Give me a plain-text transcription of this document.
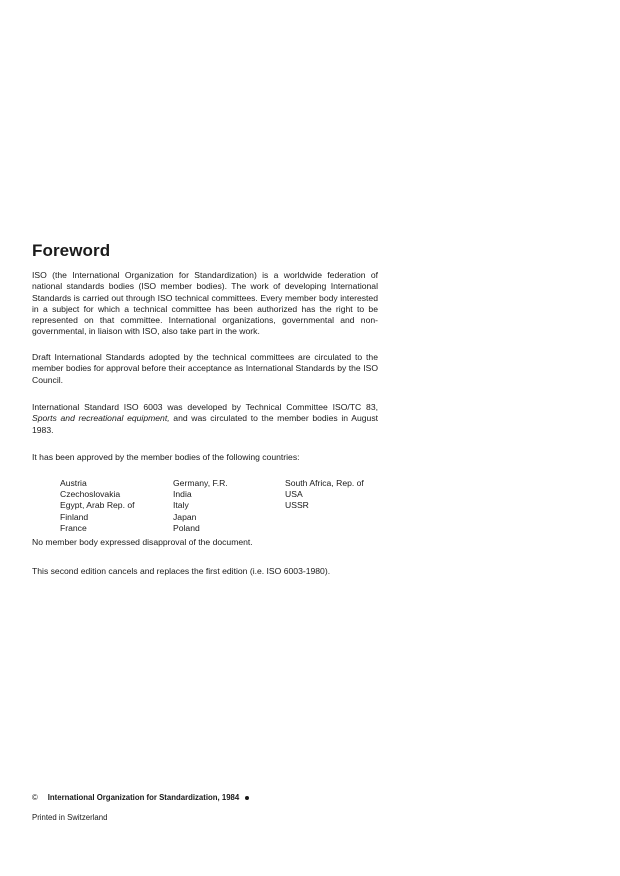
Foreword

ISO (the International Organization for Standardization) is a worldwide federation of national standards bodies (ISO member bodies). The work of developing International Standards is carried out through ISO technical committees. Every member body interested in a subject for which a technical committee has been authorized has the right to be represented on that committee. International organizations, governmental and non-governmental, in liaison with ISO, also take part in the work.

Draft International Standards adopted by the technical committees are circulated to the member bodies for approval before their acceptance as International Standards by the ISO Council.

International Standard ISO 6003 was developed by Technical Committee ISO/TC 83, Sports and recreational equipment, and was circulated to the member bodies in August 1983.

It has been approved by the member bodies of the following countries:

Austria
Czechoslovakia
Egypt, Arab Rep. of
Finland
France
Germany, F.R.
India
Italy
Japan
Poland
South Africa, Rep. of
USA
USSR

No member body expressed disapproval of the document.

This second edition cancels and replaces the first edition (i.e. ISO 6003-1980).

© International Organization for Standardization, 1984
Printed in Switzerland
